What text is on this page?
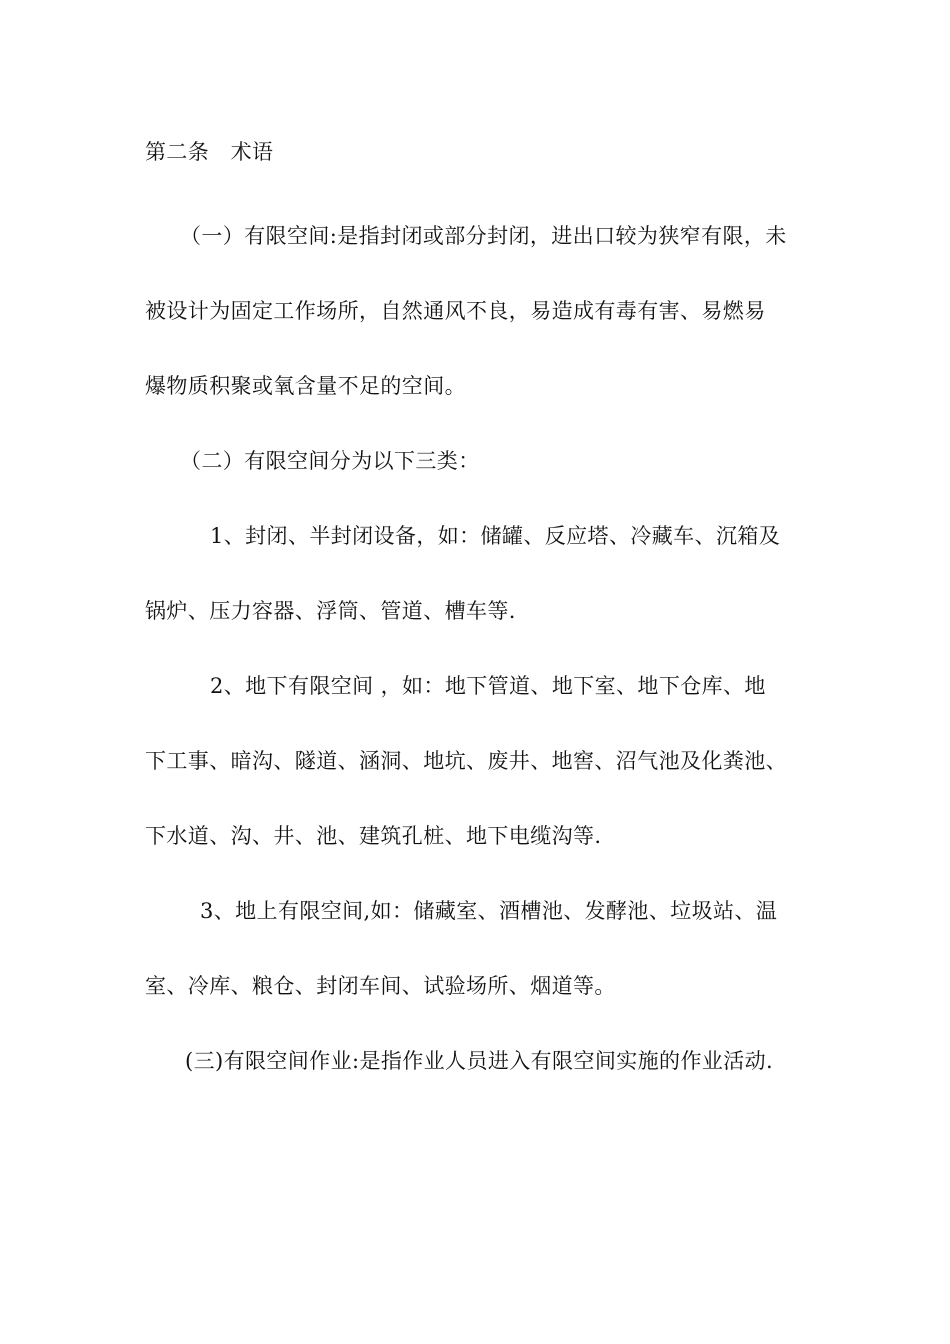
第二条　术语
（一）有限空间:是指封闭或部分封闭，进出口较为狭窄有限，未
被设计为固定工作场所，自然通风不良，易造成有毒有害、易燃易
爆物质积聚或氧含量不足的空间。
（二）有限空间分为以下三类：
1、封闭、半封闭设备，如：储罐、反应塔、冷藏车、沉箱及
锅炉、压力容器、浮筒、管道、槽车等.
2、地下有限空间 ，如：地下管道、地下室、地下仓库、地
下工事、暗沟、隧道、涵洞、地坑、废井、地窖、沼气池及化粪池、
下水道、沟、井、池、建筑孔桩、地下电缆沟等.
3、地上有限空间,如：储藏室、酒槽池、发酵池、垃圾站、温
室、冷库、粮仓、封闭车间、试验场所、烟道等。
(三)有限空间作业:是指作业人员进入有限空间实施的作业活动.
